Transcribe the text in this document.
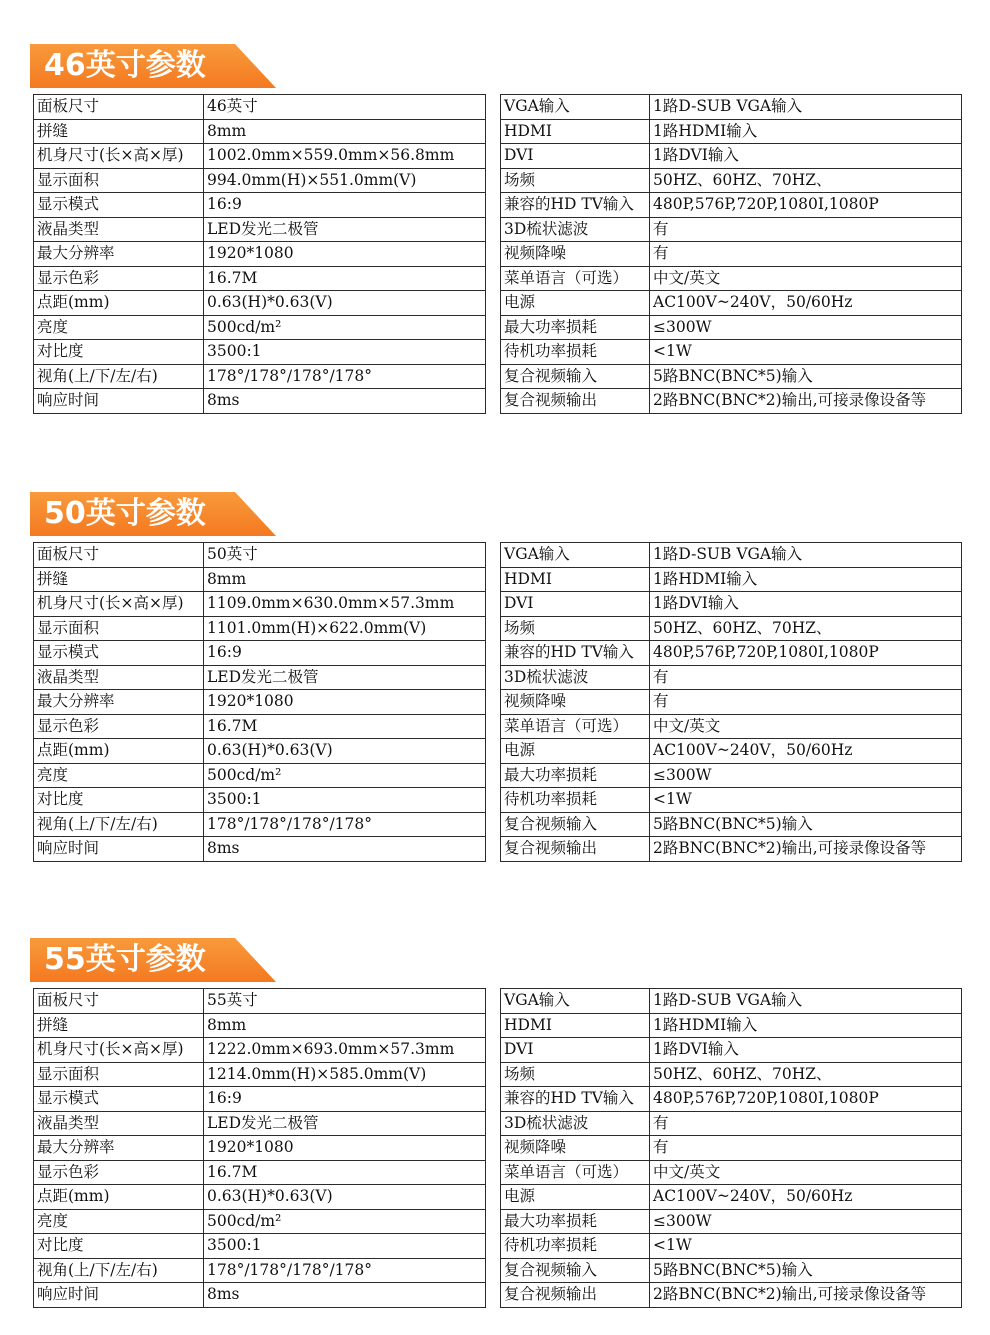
46英寸参数
面板尺寸	46英寸
拼缝	8mm
机身尺寸(长×高×厚)	1002.0mm×559.0mm×56.8mm
显示面积	994.0mm(H)×551.0mm(V)
显示模式	16:9
液晶类型	LED发光二极管
最大分辨率	1920*1080
显示色彩	16.7M
点距(mm)	0.63(H)*0.63(V)
亮度	500cd/m²
对比度	3500:1
视角(上/下/左/右)	178°/178°/178°/178°
响应时间	8ms
VGA输入	1路D-SUB VGA输入
HDMI	1路HDMI输入
DVI	1路DVI输入
场频	50HZ、60HZ、70HZ、
兼容的HD TV输入	480P,576P,720P,1080I,1080P
3D梳状滤波	有
视频降噪	有
菜单语言（可选）	中文/英文
电源	AC100V~240V，50/60Hz
最大功率损耗	≤300W
待机功率损耗	<1W
复合视频输入	5路BNC(BNC*5)输入
复合视频输出	2路BNC(BNC*2)输出,可接录像设备等
50英寸参数
面板尺寸	50英寸
拼缝	8mm
机身尺寸(长×高×厚)	1109.0mm×630.0mm×57.3mm
显示面积	1101.0mm(H)×622.0mm(V)
显示模式	16:9
液晶类型	LED发光二极管
最大分辨率	1920*1080
显示色彩	16.7M
点距(mm)	0.63(H)*0.63(V)
亮度	500cd/m²
对比度	3500:1
视角(上/下/左/右)	178°/178°/178°/178°
响应时间	8ms
VGA输入	1路D-SUB VGA输入
HDMI	1路HDMI输入
DVI	1路DVI输入
场频	50HZ、60HZ、70HZ、
兼容的HD TV输入	480P,576P,720P,1080I,1080P
3D梳状滤波	有
视频降噪	有
菜单语言（可选）	中文/英文
电源	AC100V~240V，50/60Hz
最大功率损耗	≤300W
待机功率损耗	<1W
复合视频输入	5路BNC(BNC*5)输入
复合视频输出	2路BNC(BNC*2)输出,可接录像设备等
55英寸参数
面板尺寸	55英寸
拼缝	8mm
机身尺寸(长×高×厚)	1222.0mm×693.0mm×57.3mm
显示面积	1214.0mm(H)×585.0mm(V)
显示模式	16:9
液晶类型	LED发光二极管
最大分辨率	1920*1080
显示色彩	16.7M
点距(mm)	0.63(H)*0.63(V)
亮度	500cd/m²
对比度	3500:1
视角(上/下/左/右)	178°/178°/178°/178°
响应时间	8ms
VGA输入	1路D-SUB VGA输入
HDMI	1路HDMI输入
DVI	1路DVI输入
场频	50HZ、60HZ、70HZ、
兼容的HD TV输入	480P,576P,720P,1080I,1080P
3D梳状滤波	有
视频降噪	有
菜单语言（可选）	中文/英文
电源	AC100V~240V，50/60Hz
最大功率损耗	≤300W
待机功率损耗	<1W
复合视频输入	5路BNC(BNC*5)输入
复合视频输出	2路BNC(BNC*2)输出,可接录像设备等
